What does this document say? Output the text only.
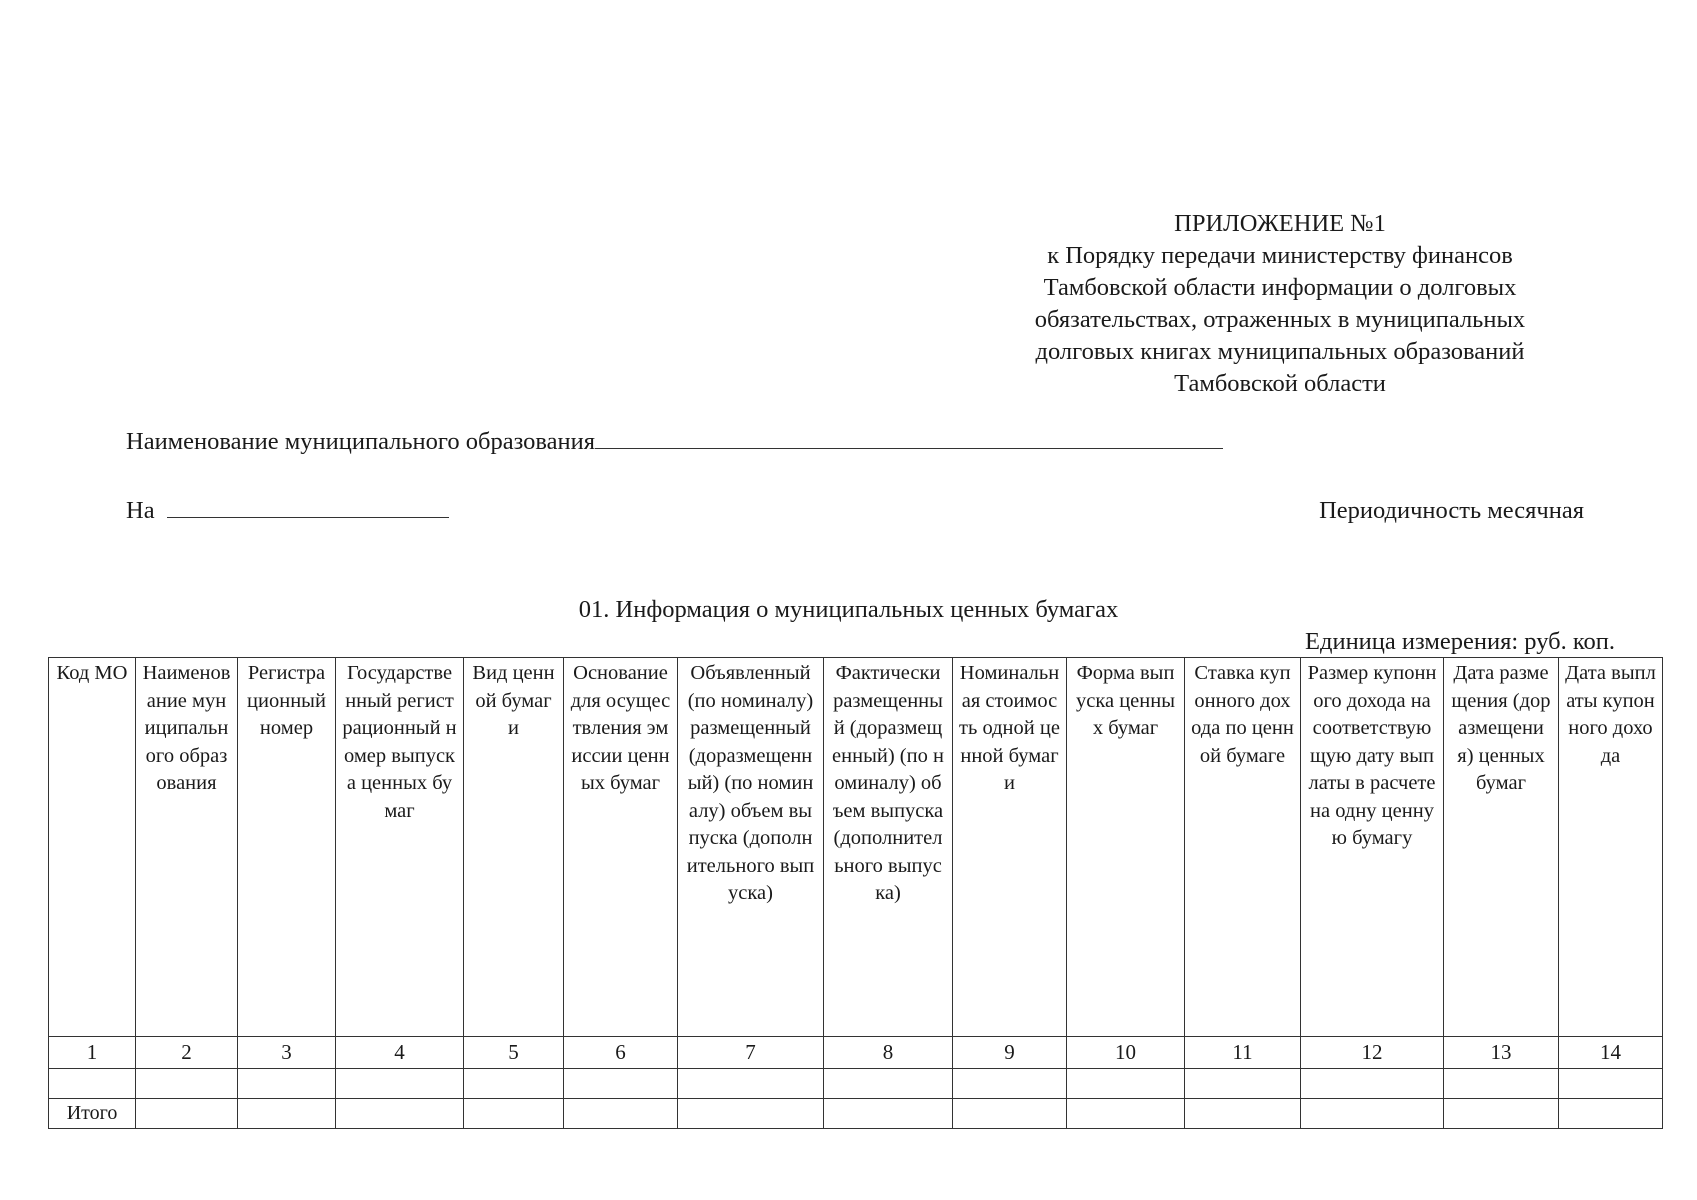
ПРИЛОЖЕНИЕ №1
к Порядку передачи министерству финансов
Тамбовской области информации о долговых
обязательствах, отраженных в муниципальных
долговых книгах муниципальных образований
Тамбовской области
Наименование муниципального образования
На	Периодичность месячная
01. Информация о муниципальных ценных бумагах
Единица измерения: руб. коп.
Код МО	Наименование муниципального образования	Регистрационный номер	Государственный регистрационный номер выпуска ценных бумаг	Вид ценной бумаги	Основание для осуществления эмиссии ценных бумаг	Объявленный (по номиналу) размещенный (доразмещенный) (по номиналу) объем выпуска (дополнительного выпуска)	Фактически размещенный (доразмещенный) (по номиналу) объем выпуска (дополнительного выпуска)	Номинальная стоимость одной ценной бумаги	Форма выпуска ценных бумаг	Ставка купонного дохода по ценной бумаге	Размер купонного дохода на соответствующую дату выплаты в расчете на одну ценную бумагу	Дата размещения (доразмещения) ценных бумаг	Дата выплаты купонного дохода

1	2	3	4	5	6	7	8	9	10	11	12	13	14

Итого													
